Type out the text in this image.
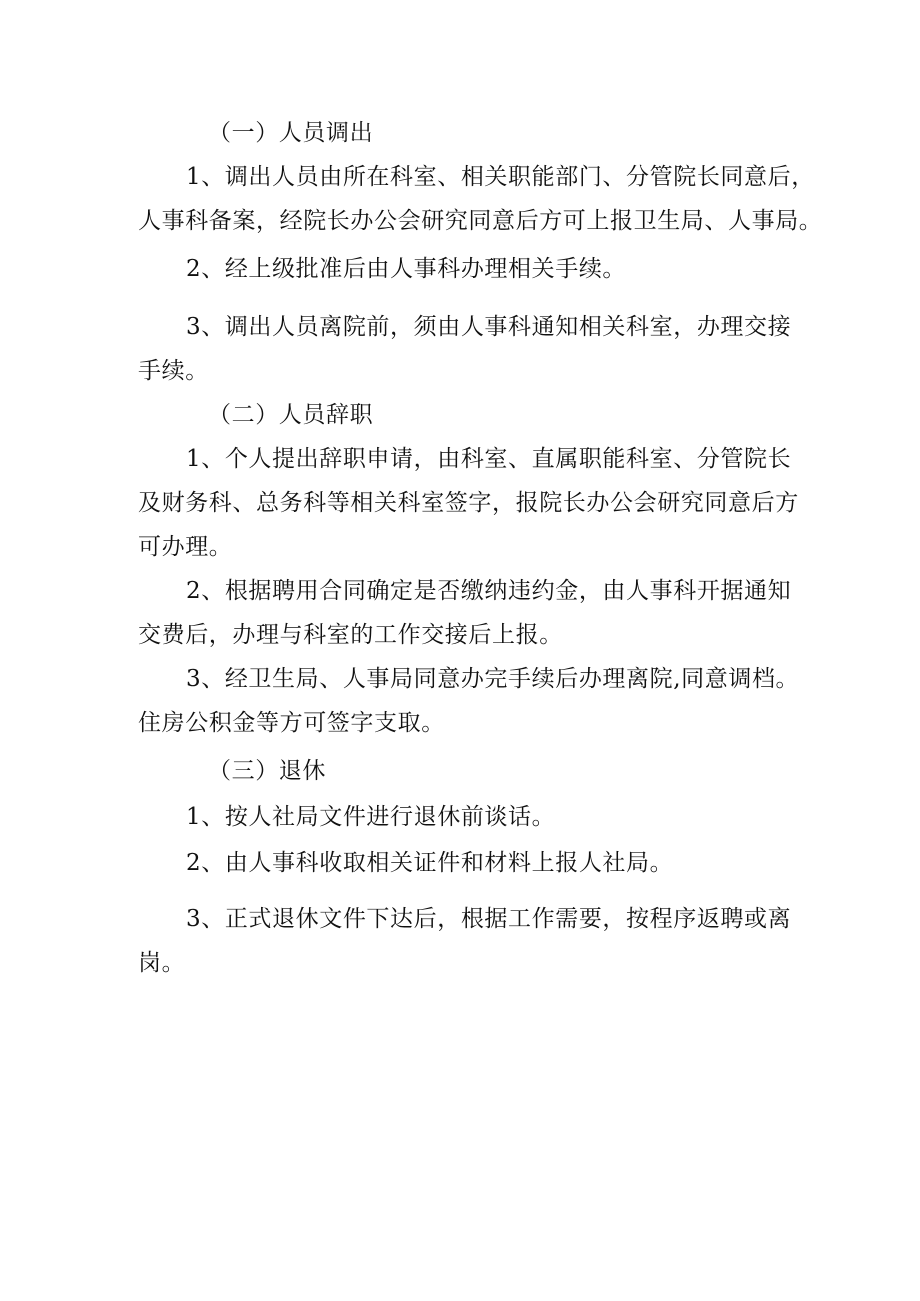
（一）人员调出
1、调出人员由所在科室、相关职能部门、分管院长同意后，
人事科备案，经院长办公会研究同意后方可上报卫生局、人事局。
2、经上级批准后由人事科办理相关手续。
3、调出人员离院前，须由人事科通知相关科室，办理交接
手续。
（二）人员辞职
1、个人提出辞职申请，由科室、直属职能科室、分管院长
及财务科、总务科等相关科室签字，报院长办公会研究同意后方
可办理。
2、根据聘用合同确定是否缴纳违约金，由人事科开据通知
交费后，办理与科室的工作交接后上报。
3、经卫生局、人事局同意办完手续后办理离院,同意调档。
住房公积金等方可签字支取。
（三）退休
1、按人社局文件进行退休前谈话。
2、由人事科收取相关证件和材料上报人社局。
3、正式退休文件下达后，根据工作需要，按程序返聘或离
岗。
